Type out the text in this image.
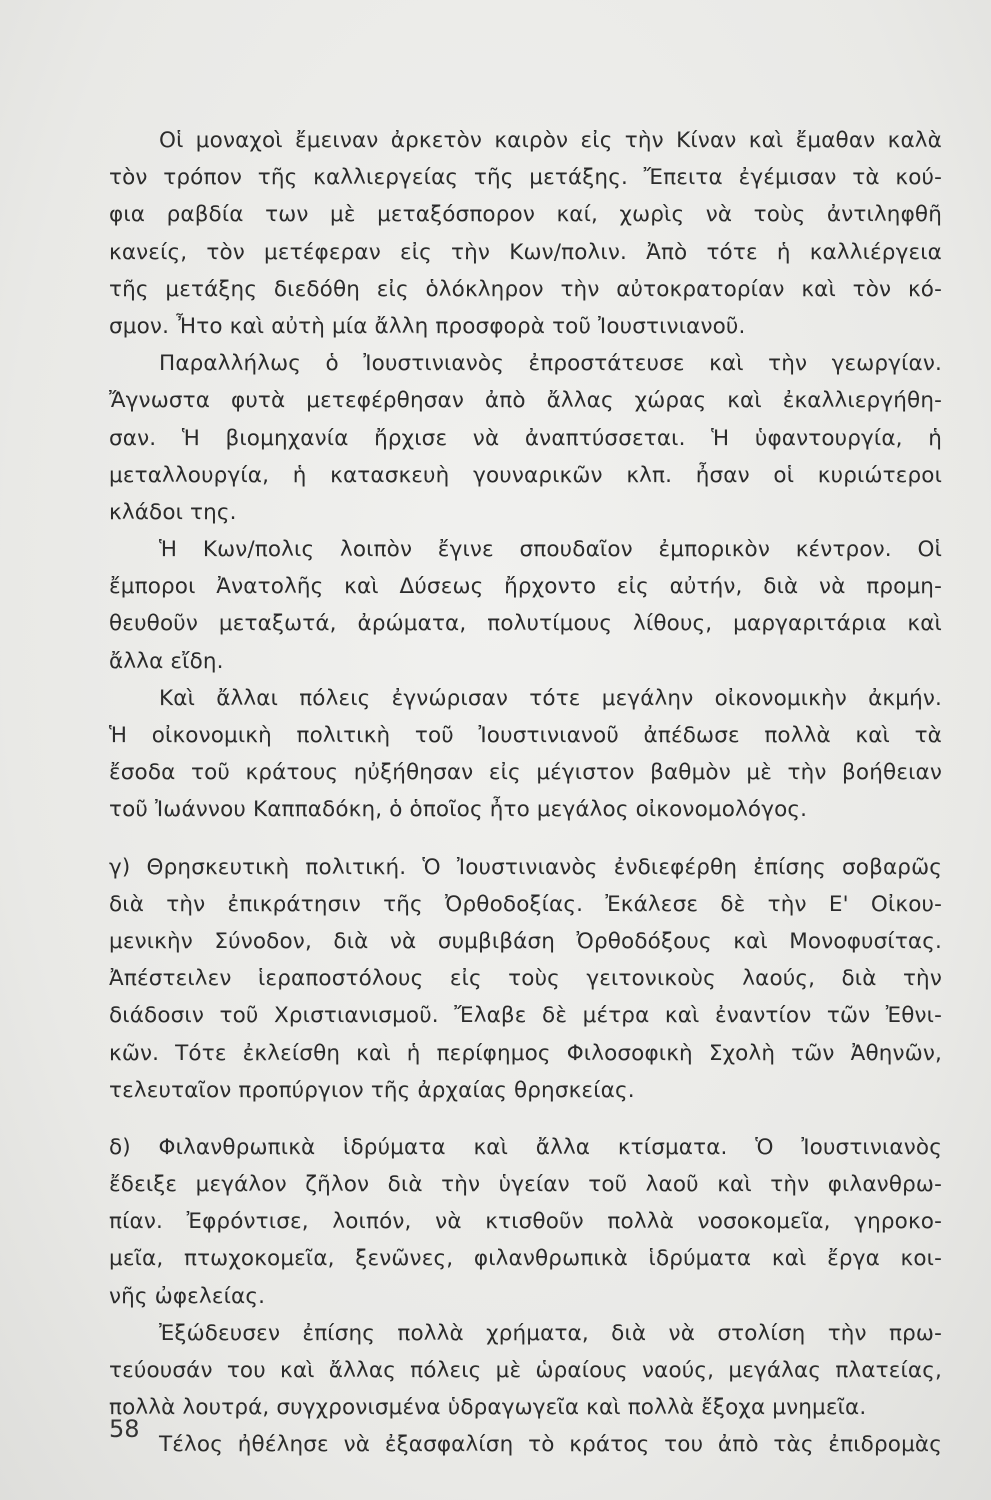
Οἱ μοναχοὶ ἔμειναν ἀρκετὸν καιρὸν εἰς τὴν Κίναν καὶ ἔμαθαν καλὰ
τὸν τρόπον τῆς καλλιεργείας τῆς μετάξης. Ἔπειτα ἐγέμισαν τὰ κού-
φια ραβδία των μὲ μεταξόσπορον καί, χωρὶς νὰ τοὺς ἀντιληφθῆ
κανείς, τὸν μετέφεραν εἰς τὴν Κων/πολιν. Ἀπὸ τότε ἡ καλλιέργεια
τῆς μετάξης διεδόθη εἰς ὁλόκληρον τὴν αὐτοκρατορίαν καὶ τὸν κό-
σμον. Ἦτο καὶ αὐτὴ μία ἄλλη προσφορὰ τοῦ Ἰουστινιανοῦ.
Παραλλήλως ὁ Ἰουστινιανὸς ἐπροστάτευσε καὶ τὴν γεωργίαν.
Ἄγνωστα φυτὰ μετεφέρθησαν ἀπὸ ἄλλας χώρας καὶ ἐκαλλιεργήθη-
σαν. Ἡ βιομηχανία ἤρχισε νὰ ἀναπτύσσεται. Ἡ ὑφαντουργία, ἡ
μεταλλουργία, ἡ κατασκευὴ γουναρικῶν κλπ. ἦσαν οἱ κυριώτεροι
κλάδοι της.
Ἡ Κων/πολις λοιπὸν ἔγινε σπουδαῖον ἐμπορικὸν κέντρον. Οἱ
ἔμποροι Ἀνατολῆς καὶ Δύσεως ἤρχοντο εἰς αὐτήν, διὰ νὰ προμη-
θευθοῦν μεταξωτά, ἀρώματα, πολυτίμους λίθους, μαργαριτάρια καὶ
ἄλλα εἴδη.
Καὶ ἄλλαι πόλεις ἐγνώρισαν τότε μεγάλην οἰκονομικὴν ἀκμήν.
Ἡ οἰκονομικὴ πολιτικὴ τοῦ Ἰουστινιανοῦ ἀπέδωσε πολλὰ καὶ τὰ
ἔσοδα τοῦ κράτους ηὐξήθησαν εἰς μέγιστον βαθμὸν μὲ τὴν βοήθειαν
τοῦ Ἰωάννου Καππαδόκη, ὁ ὁποῖος ἦτο μεγάλος οἰκονομολόγος.
γ) Θρησκευτικὴ πολιτική. Ὁ Ἰουστινιανὸς ἐνδιεφέρθη ἐπίσης σοβαρῶς
διὰ τὴν ἐπικράτησιν τῆς Ὀρθοδοξίας. Ἐκάλεσε δὲ τὴν Ε' Οἰκου-
μενικὴν Σύνοδον, διὰ νὰ συμβιβάση Ὀρθοδόξους καὶ Μονοφυσίτας.
Ἀπέστειλεν ἱεραποστόλους εἰς τοὺς γειτονικοὺς λαούς, διὰ τὴν
διάδοσιν τοῦ Χριστιανισμοῦ. Ἔλαβε δὲ μέτρα καὶ ἐναντίον τῶν Ἐθνι-
κῶν. Τότε ἐκλείσθη καὶ ἡ περίφημος Φιλοσοφικὴ Σχολὴ τῶν Ἀθηνῶν,
τελευταῖον προπύργιον τῆς ἀρχαίας θρησκείας.
δ) Φιλανθρωπικὰ ἱδρύματα καὶ ἄλλα κτίσματα. Ὁ Ἰουστινιανὸς
ἔδειξε μεγάλον ζῆλον διὰ τὴν ὑγείαν τοῦ λαοῦ καὶ τὴν φιλανθρω-
πίαν. Ἐφρόντισε, λοιπόν, νὰ κτισθοῦν πολλὰ νοσοκομεῖα, γηροκο-
μεῖα, πτωχοκομεῖα, ξενῶνες, φιλανθρωπικὰ ἱδρύματα καὶ ἔργα κοι-
νῆς ὠφελείας.
Ἐξώδευσεν ἐπίσης πολλὰ χρήματα, διὰ νὰ στολίση τὴν πρω-
τεύουσάν του καὶ ἄλλας πόλεις μὲ ὡραίους ναούς, μεγάλας πλατείας,
πολλὰ λουτρά, συγχρονισμένα ὑδραγωγεῖα καὶ πολλὰ ἔξοχα μνημεῖα.
Τέλος ἠθέλησε νὰ ἐξασφαλίση τὸ κράτος του ἀπὸ τὰς ἐπιδρομὰς
58
